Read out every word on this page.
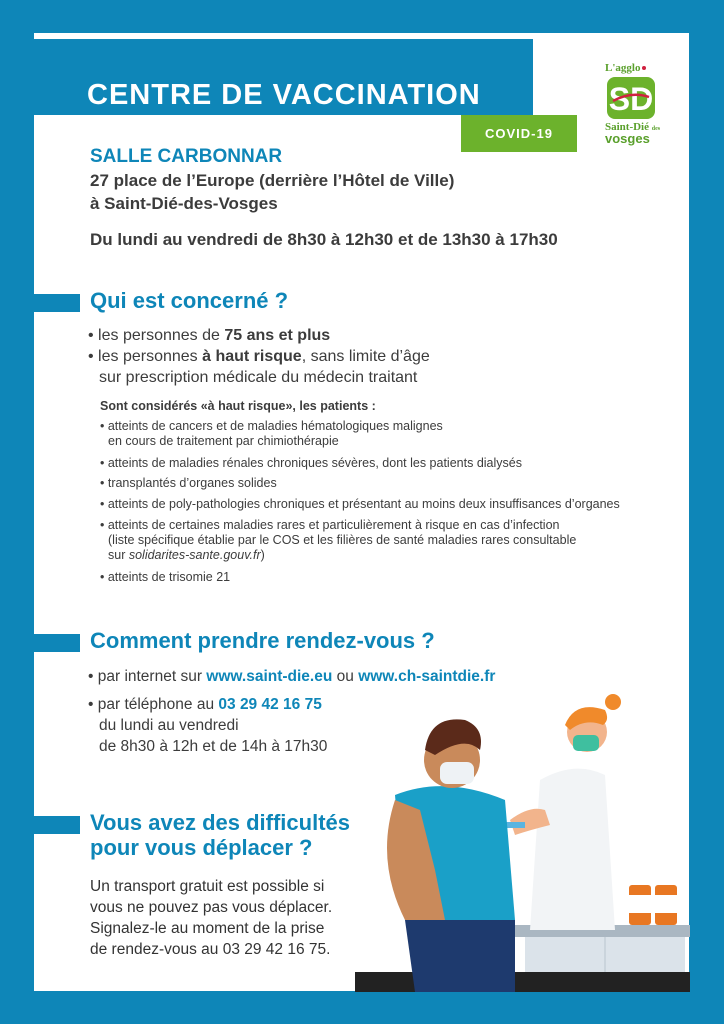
CENTRE DE VACCINATION
COVID-19
L'agglo
SD
Saint-Dié des
vosges
SALLE CARBONNAR
27 place de l’Europe (derrière l’Hôtel de Ville)
à Saint-Dié-des-Vosges
Du lundi au vendredi de 8h30 à 12h30 et de 13h30 à 17h30
Qui est concerné ?
• les personnes de 75 ans et plus
• les personnes à haut risque, sans limite d’âge
sur prescription médicale du médecin traitant
Sont considérés «à haut risque», les patients :
• atteints de cancers et de maladies hématologiques malignes
en cours de traitement par chimiothérapie
• atteints de maladies rénales chroniques sévères, dont les patients dialysés
• transplantés d’organes solides
• atteints de poly-pathologies chroniques et présentant au moins deux insuffisances d’organes
• atteints de certaines maladies rares et particulièrement à risque en cas d’infection
(liste spécifique établie par le COS et les filières de santé maladies rares consultable
sur solidarites-sante.gouv.fr)
• atteints de trisomie 21
Comment prendre rendez-vous ?
• par internet sur www.saint-die.eu ou www.ch-saintdie.fr
• par téléphone au 03 29 42 16 75
du lundi au vendredi
de 8h30 à 12h et de 14h à 17h30
Vous avez des difficultés
pour vous déplacer ?
Un transport gratuit est possible si
vous ne pouvez pas vous déplacer.
Signalez-le au moment de la prise
de rendez-vous au 03 29 42 16 75.
